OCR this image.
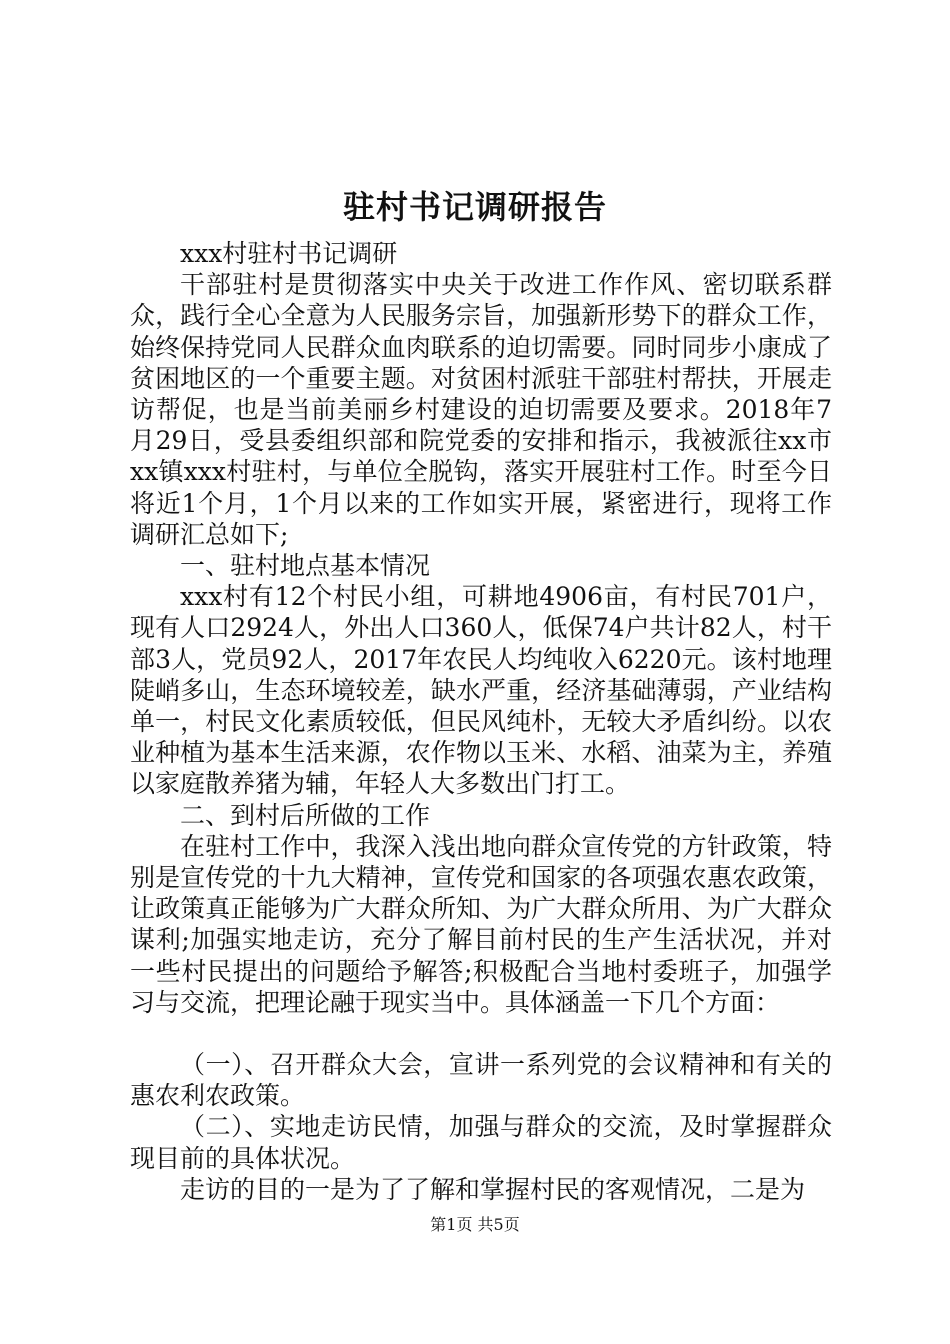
驻村书记调研报告

xxx村驻村书记调研

干部驻村是贯彻落实中央关于改进工作作风、密切联系群众，践行全心全意为人民服务宗旨，加强新形势下的群众工作，始终保持党同人民群众血肉联系的迫切需要。同时同步小康成了贫困地区的一个重要主题。对贫困村派驻干部驻村帮扶，开展走访帮促，也是当前美丽乡村建设的迫切需要及要求。2018年7月29日，受县委组织部和院党委的安排和指示，我被派往xx市xx镇xxx村驻村，与单位全脱钩，落实开展驻村工作。时至今日将近1个月，1个月以来的工作如实开展，紧密进行，现将工作调研汇总如下;

一、驻村地点基本情况

xxx村有12个村民小组，可耕地4906亩，有村民701户，现有人口2924人，外出人口360人，低保74户共计82人，村干部3人，党员92人，2017年农民人均纯收入6220元。该村地理陡峭多山，生态环境较差，缺水严重，经济基础薄弱，产业结构单一，村民文化素质较低，但民风纯朴，无较大矛盾纠纷。以农业种植为基本生活来源，农作物以玉米、水稻、油菜为主，养殖以家庭散养猪为辅，年轻人大多数出门打工。

二、到村后所做的工作

在驻村工作中，我深入浅出地向群众宣传党的方针政策，特别是宣传党的十九大精神，宣传党和国家的各项强农惠农政策，让政策真正能够为广大群众所知、为广大群众所用、为广大群众谋利;加强实地走访，充分了解目前村民的生产生活状况，并对一些村民提出的问题给予解答;积极配合当地村委班子，加强学习与交流，把理论融于现实当中。具体涵盖一下几个方面：

（一）、召开群众大会，宣讲一系列党的会议精神和有关的惠农利农政策。

（二）、实地走访民情，加强与群众的交流，及时掌握群众现目前的具体状况。

走访的目的一是为了了解和掌握村民的客观情况，二是为

第1页 共5页
